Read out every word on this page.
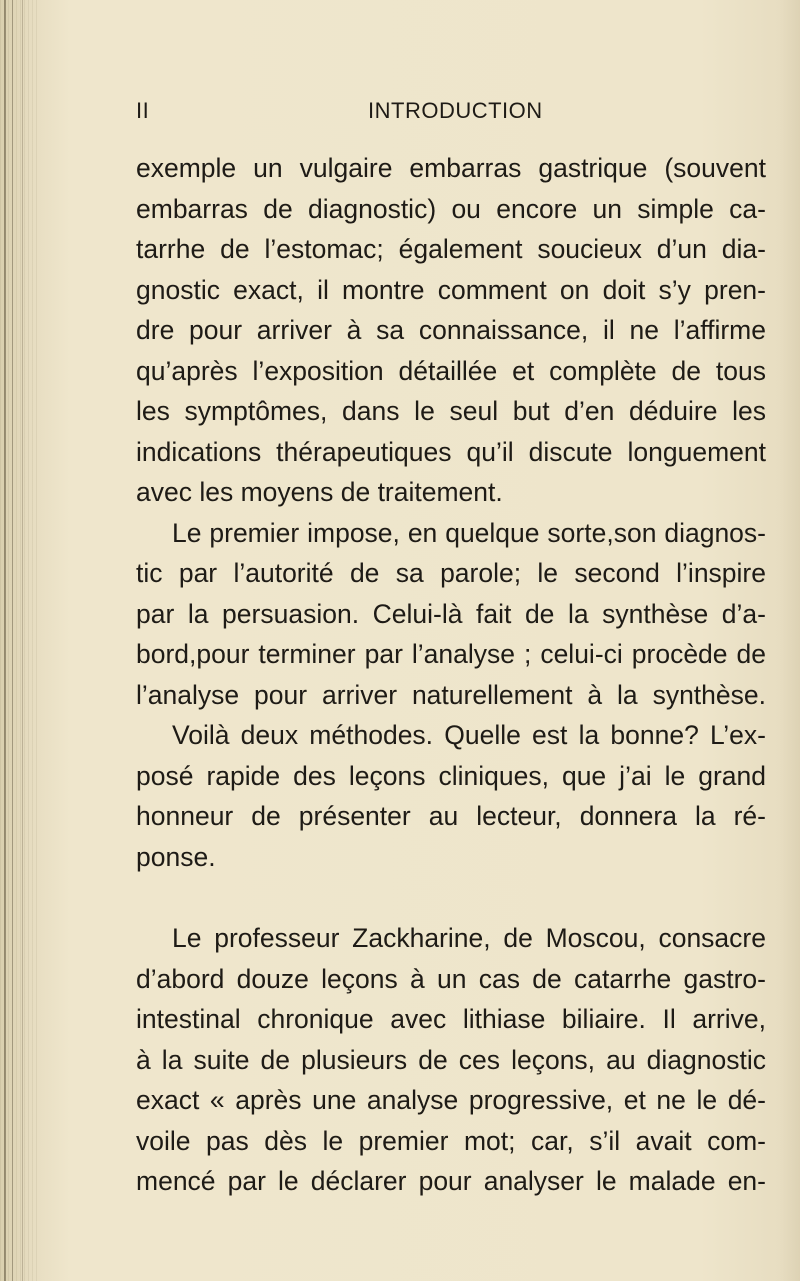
II	INTRODUCTION
exemple un vulgaire embarras gastrique (souvent
embarras de diagnostic) ou encore un simple ca-
tarrhe de l’estomac; également soucieux d’un dia-
gnostic exact, il montre comment on doit s’y pren-
dre pour arriver à sa connaissance, il ne l’affirme
qu’après l’exposition détaillée et complète de tous
les symptômes, dans le seul but d’en déduire les
indications thérapeutiques qu’il discute longuement
avec les moyens de traitement.
Le premier impose, en quelque sorte,son diagnos-
tic par l’autorité de sa parole; le second l’inspire
par la persuasion. Celui-là fait de la synthèse d’a-
bord,pour terminer par l’analyse ; celui-ci procède de
l’analyse pour arriver naturellement à la synthèse.
Voilà deux méthodes. Quelle est la bonne? L’ex-
posé rapide des leçons cliniques, que j’ai le grand
honneur de présenter au lecteur, donnera la ré-
ponse.
Le professeur Zackharine, de Moscou, consacre
d’abord douze leçons à un cas de catarrhe gastro-
intestinal chronique avec lithiase biliaire. Il arrive,
à la suite de plusieurs de ces leçons, au diagnostic
exact « après une analyse progressive, et ne le dé-
voile pas dès le premier mot; car, s’il avait com-
mencé par le déclarer pour analyser le malade en-
